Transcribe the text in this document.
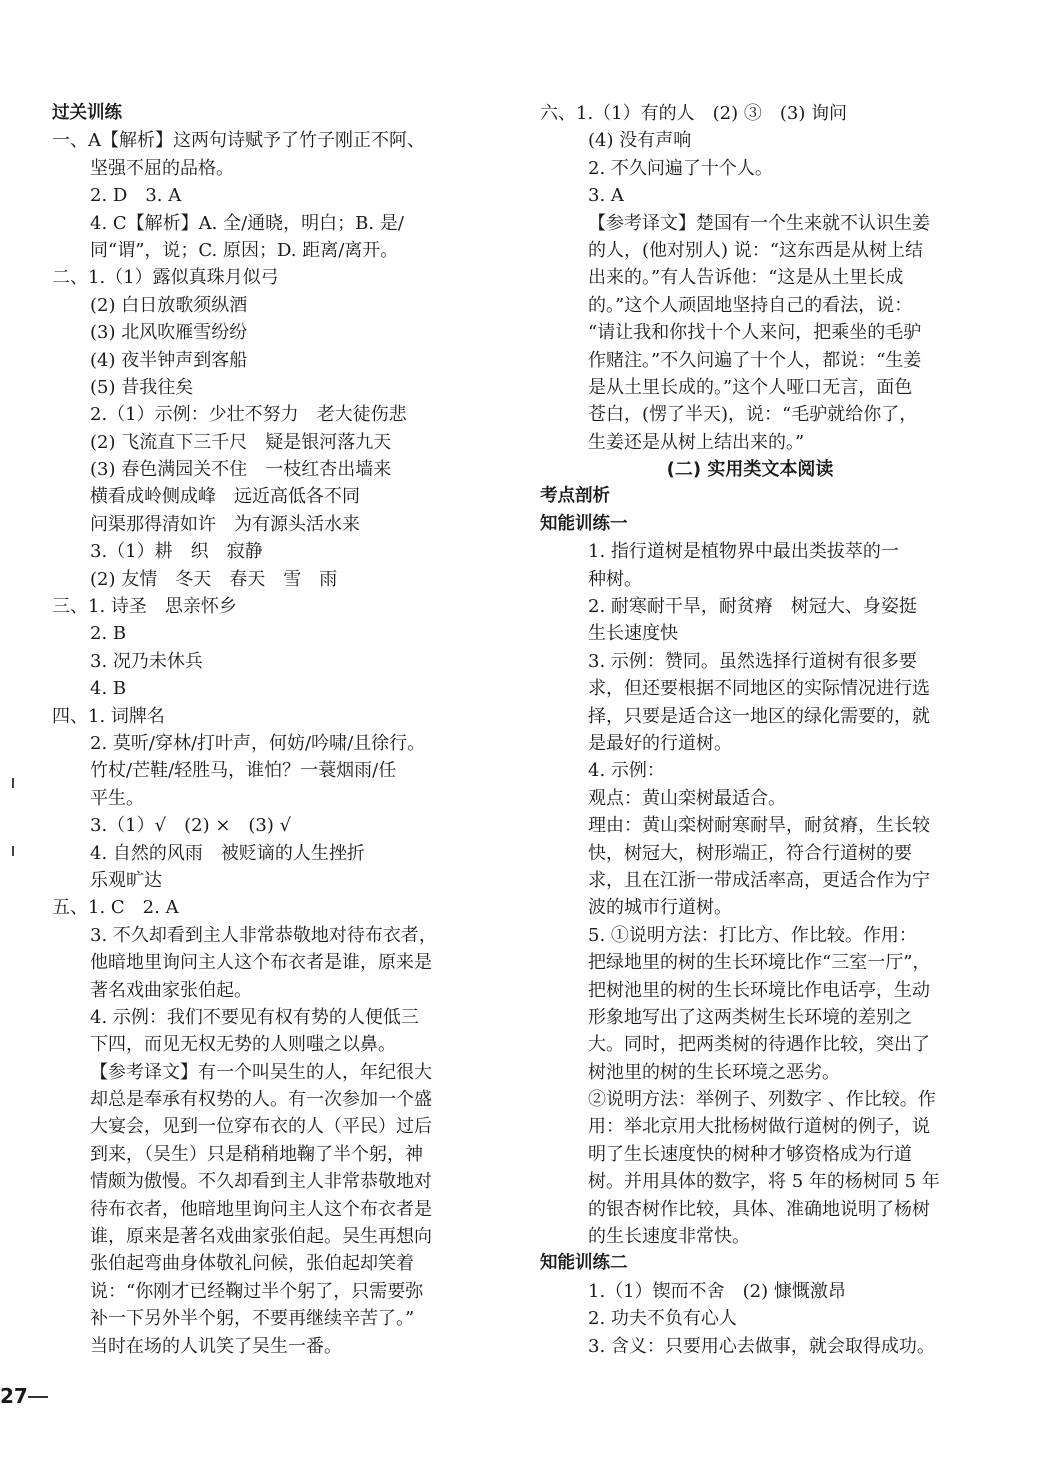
过关训练
一、A【解析】这两句诗赋予了竹子刚正不阿、
坚强不屈的品格。
2. D　3. A
4. C【解析】A. 全/通晓，明白；B. 是/
同“谓”，说；C. 原因；D. 距离/离开。
二、1.（1）露似真珠月似弓
(2) 白日放歌须纵酒
(3) 北风吹雁雪纷纷
(4) 夜半钟声到客船
(5) 昔我往矣
2.（1）示例：少壮不努力　老大徒伤悲
(2) 飞流直下三千尺　疑是银河落九天
(3) 春色满园关不住　一枝红杏出墙来
横看成岭侧成峰　远近高低各不同
问渠那得清如许　为有源头活水来
3.（1）耕　织　寂静
(2) 友情　冬天　春天　雪　雨
三、1. 诗圣　思亲怀乡
2. B
3. 况乃未休兵
4. B
四、1. 词牌名
2. 莫听/穿林/打叶声，何妨/吟啸/且徐行。
竹杖/芒鞋/轻胜马，谁怕？一蓑烟雨/任
平生。
3.（1）√　(2) ×　(3) √
4. 自然的风雨　被贬谪的人生挫折
乐观旷达
五、1. C　2. A
3. 不久却看到主人非常恭敬地对待布衣者，
他暗地里询问主人这个布衣者是谁，原来是
著名戏曲家张伯起。
4. 示例：我们不要见有权有势的人便低三
下四，而见无权无势的人则嗤之以鼻。
【参考译文】有一个叫吴生的人，年纪很大
却总是奉承有权势的人。有一次参加一个盛
大宴会，见到一位穿布衣的人（平民）过后
到来，（吴生）只是稍稍地鞠了半个躬，神
情颇为傲慢。不久却看到主人非常恭敬地对
待布衣者，他暗地里询问主人这个布衣者是
谁，原来是著名戏曲家张伯起。吴生再想向
张伯起弯曲身体敬礼问候，张伯起却笑着
说：“你刚才已经鞠过半个躬了，只需要弥
补一下另外半个躬，不要再继续辛苦了。”
当时在场的人讥笑了吴生一番。
六、1.（1）有的人　(2) ③　(3) 询问
(4) 没有声响
2. 不久问遍了十个人。
3. A
【参考译文】楚国有一个生来就不认识生姜
的人，(他对别人) 说：“这东西是从树上结
出来的。”有人告诉他：“这是从土里长成
的。”这个人顽固地坚持自己的看法，说：
“请让我和你找十个人来问，把乘坐的毛驴
作赌注。”不久问遍了十个人，都说：“生姜
是从土里长成的。”这个人哑口无言，面色
苍白，(愣了半天)，说：“毛驴就给你了，
生姜还是从树上结出来的。”
(二) 实用类文本阅读
考点剖析
知能训练一
1. 指行道树是植物界中最出类拔萃的一
种树。
2. 耐寒耐干旱，耐贫瘠　树冠大、身姿挺
生长速度快
3. 示例：赞同。虽然选择行道树有很多要
求，但还要根据不同地区的实际情况进行选
择，只要是适合这一地区的绿化需要的，就
是最好的行道树。
4. 示例：
观点：黄山栾树最适合。
理由：黄山栾树耐寒耐旱，耐贫瘠，生长较
快，树冠大，树形端正，符合行道树的要
求，且在江浙一带成活率高，更适合作为宁
波的城市行道树。
5. ①说明方法：打比方、作比较。作用：
把绿地里的树的生长环境比作“三室一厅”，
把树池里的树的生长环境比作电话亭，生动
形象地写出了这两类树生长环境的差别之
大。同时，把两类树的待遇作比较，突出了
树池里的树的生长环境之恶劣。
②说明方法：举例子、列数字 、作比较。作
用：举北京用大批杨树做行道树的例子，说
明了生长速度快的树种才够资格成为行道
树。并用具体的数字，将 5 年的杨树同 5 年
的银杏树作比较，具体、准确地说明了杨树
的生长速度非常快。
知能训练二
1.（1）锲而不舍　(2) 慷慨激昂
2. 功夫不负有心人
3. 含义：只要用心去做事，就会取得成功。
27
